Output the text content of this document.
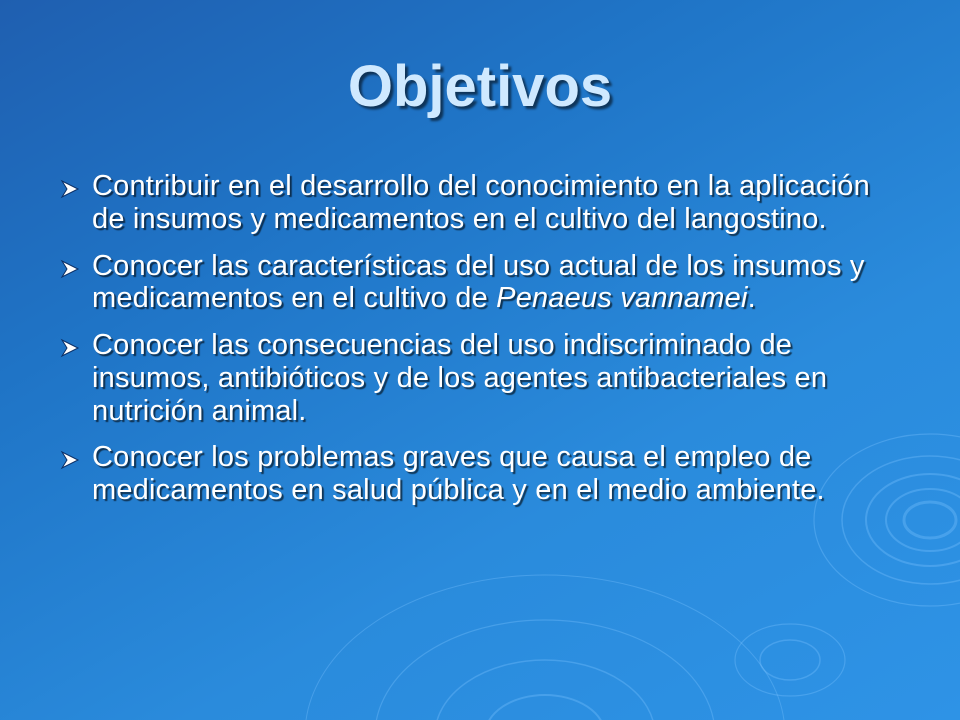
Objetivos
Contribuir en el desarrollo del conocimiento en la aplicación de insumos y medicamentos en el cultivo del langostino.
Conocer las características del uso actual de los insumos y medicamentos en el cultivo de Penaeus vannamei.
Conocer las consecuencias del uso indiscriminado de insumos, antibióticos y de los agentes antibacteriales en nutrición animal.
Conocer los problemas graves que causa el empleo de medicamentos en salud pública y en el medio ambiente.
